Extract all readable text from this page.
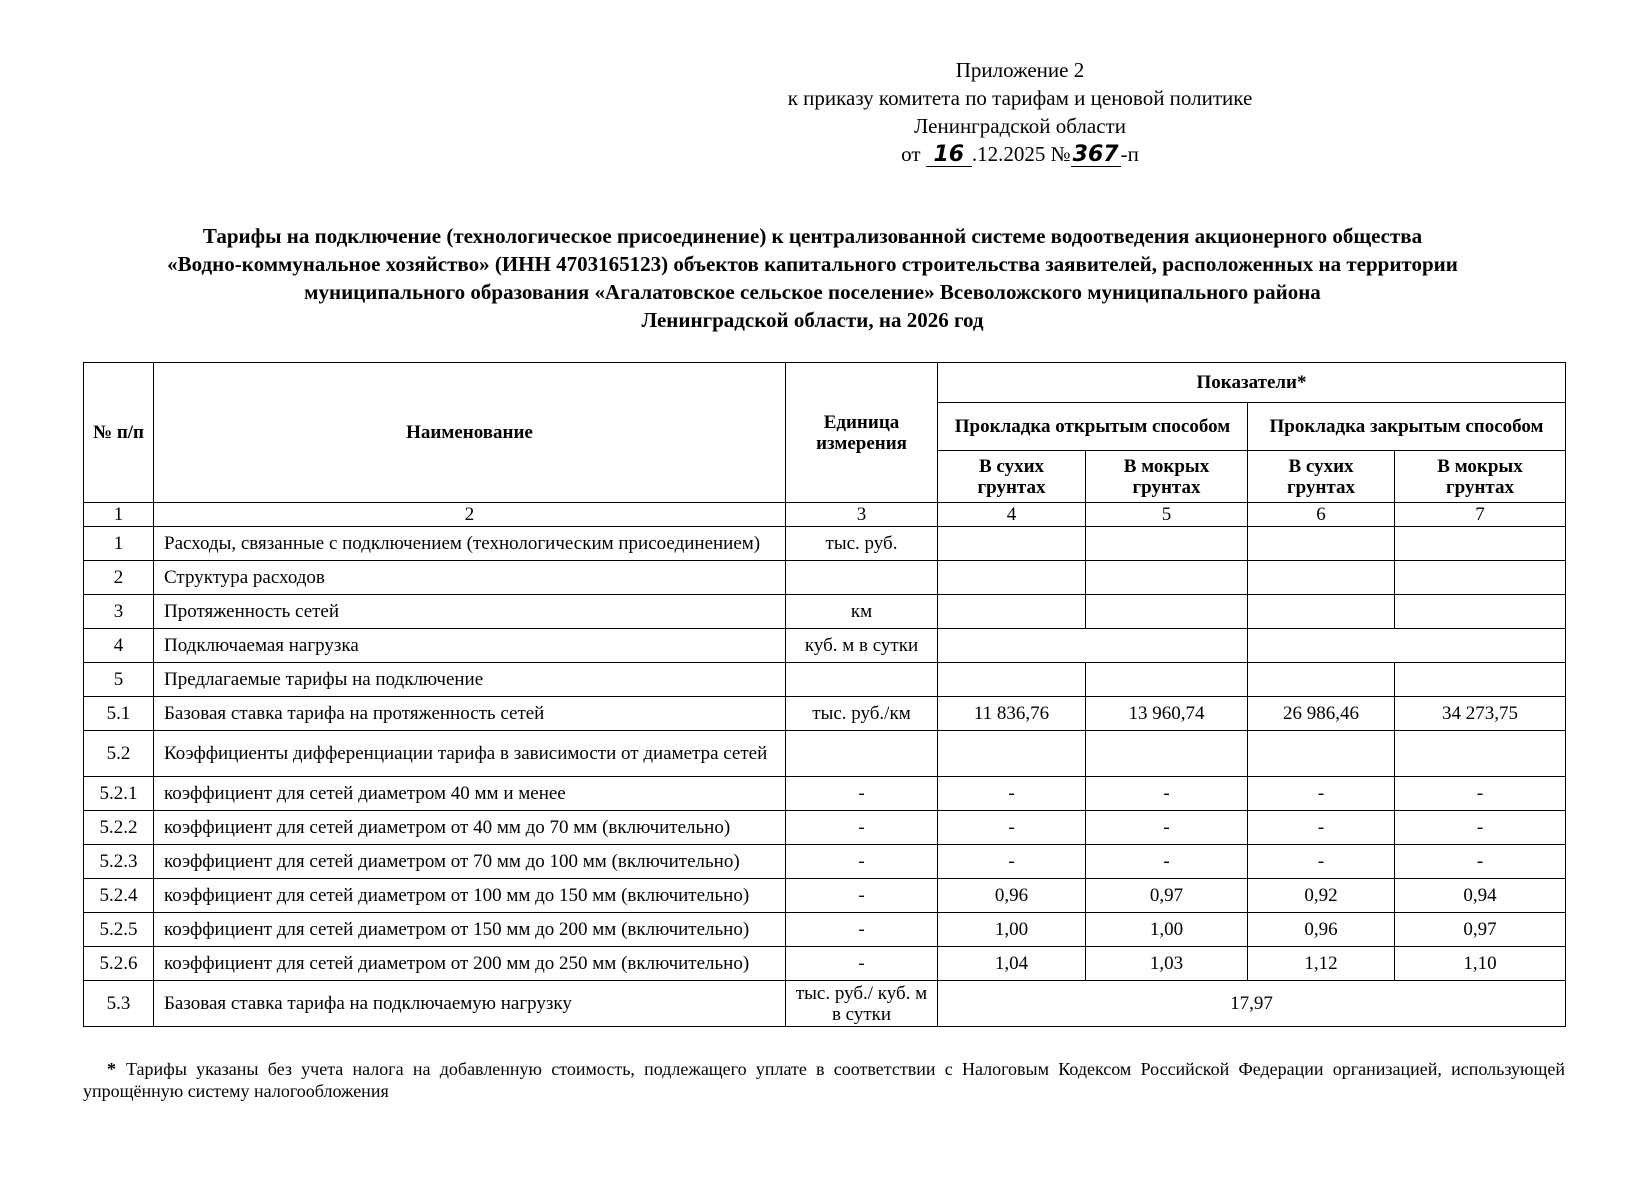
Приложение 2
к приказу комитета по тарифам и ценовой политике
Ленинградской области
от 16 .12.2025 №367-п
Тарифы на подключение (технологическое присоединение) к централизованной системе водоотведения акционерного общества
«Водно-коммунальное хозяйство» (ИНН 4703165123) объектов капитального строительства заявителей, расположенных на территории
муниципального образования «Агалатовское сельское поселение» Всеволожского муниципального района
Ленинградской области, на 2026 год
№ п/п	Наименование	Единица измерения	Показатели*			
			Прокладка открытым способом		Прокладка закрытым способом	
			В сухих грунтах	В мокрых грунтах	В сухих грунтах	В мокрых грунтах
1	2	3	4	5	6	7
1	Расходы, связанные с подключением (технологическим присоединением)	тыс. руб.				
2	Структура расходов					
3	Протяженность сетей	км				
4	Подключаемая нагрузка	куб. м в сутки				
5	Предлагаемые тарифы на подключение					
5.1	Базовая ставка тарифа на протяженность сетей	тыс. руб./км	11 836,76	13 960,74	26 986,46	34 273,75
5.2	Коэффициенты дифференциации тарифа в зависимости от диаметра сетей					
5.2.1	коэффициент для сетей диаметром 40 мм и менее	-	-	-	-	-
5.2.2	коэффициент для сетей диаметром от 40 мм до 70 мм (включительно)	-	-	-	-	-
5.2.3	коэффициент для сетей диаметром от 70 мм до 100 мм (включительно)	-	-	-	-	-
5.2.4	коэффициент для сетей диаметром от 100 мм до 150 мм (включительно)	-	0,96	0,97	0,92	0,94
5.2.5	коэффициент для сетей диаметром от 150 мм до 200 мм (включительно)	-	1,00	1,00	0,96	0,97
5.2.6	коэффициент для сетей диаметром от 200 мм до 250 мм (включительно)	-	1,04	1,03	1,12	1,10
5.3	Базовая ставка тарифа на подключаемую нагрузку	тыс. руб./ куб. м в сутки	17,97			
* Тарифы указаны без учета налога на добавленную стоимость, подлежащего уплате в соответствии с Налоговым Кодексом Российской Федерации организацией, использующей упрощённую систему налогообложения
